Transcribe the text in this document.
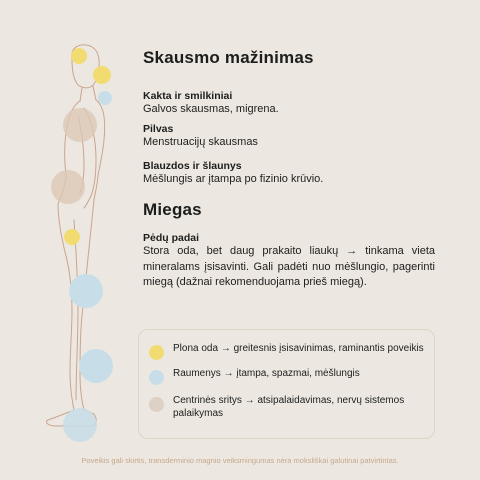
Skausmo mažinimas

Kakta ir smilkiniai

Galvos skausmas, migrena.

Pilvas

Menstruacijų skausmas

Blauzdos ir šlaunys

Mėšlungis ar įtampa po fizinio krūvio.

Miegas

Pėdų padai

Stora oda, bet daug prakaito liaukų → tinkama vieta mineralams įsisavinti. Gali padėti nuo mėšlungio, pagerinti miegą (dažnai rekomenduojama prieš miegą).

Plona oda → greitesnis įsisavinimas, raminantis poveikis
Raumenys → įtampa, spazmai, mėšlungis
Centrinės sritys → atsipalaidavimas, nervų sistemos palaikymas
Poveikis gali skirtis, transderminio magnio veiksmingumas nėra moksliškai galutinai patvirtintas.
